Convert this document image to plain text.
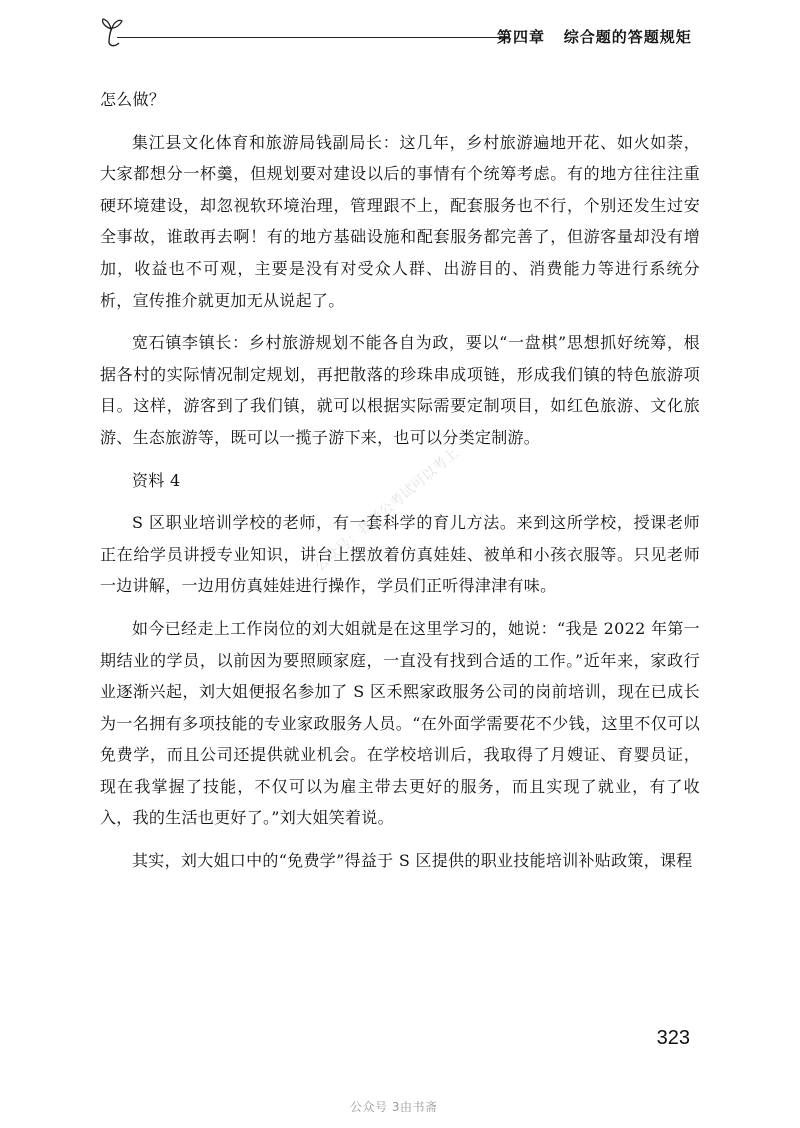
第四章 综合题的答题规矩

怎么做？

集江县文化体育和旅游局钱副局长：这几年，乡村旅游遍地开花、如火如荼，大家都想分一杯羹，但规划要对建设以后的事情有个统筹考虑。有的地方往往注重硬环境建设，却忽视软环境治理，管理跟不上，配套服务也不行，个别还发生过安全事故，谁敢再去啊！有的地方基础设施和配套服务都完善了，但游客量却没有增加，收益也不可观，主要是没有对受众人群、出游目的、消费能力等进行系统分析，宣传推介就更加无从说起了。

宽石镇李镇长：乡村旅游规划不能各自为政，要以“一盘棋”思想抓好统筹，根据各村的实际情况制定规划，再把散落的珍珠串成项链，形成我们镇的特色旅游项目。这样，游客到了我们镇，就可以根据实际需要定制项目，如红色旅游、文化旅游、生态旅游等，既可以一揽子游下来，也可以分类定制游。

资料 4

S 区职业培训学校的老师，有一套科学的育儿方法。来到这所学校，授课老师正在给学员讲授专业知识，讲台上摆放着仿真娃娃、被单和小孩衣服等。只见老师一边讲解，一边用仿真娃娃进行操作，学员们正听得津津有味。

如今已经走上工作岗位的刘大姐就是在这里学习的，她说：“我是 2022 年第一期结业的学员，以前因为要照顾家庭，一直没有找到合适的工作。”近年来，家政行业逐渐兴起，刘大姐便报名参加了 S 区禾熙家政服务公司的岗前培训，现在已成长为一名拥有多项技能的专业家政服务人员。“在外面学需要花不少钱，这里不仅可以免费学，而且公司还提供就业机会。在学校培训后，我取得了月嫂证、育婴员证，现在我掌握了技能，不仅可以为雇主带去更好的服务，而且实现了就业，有了收入，我的生活也更好了。”刘大姐笑着说。

其实，刘大姐口中的“免费学”得益于 S 区提供的职业技能培训补贴政策，课程

公众号：我考公考试可以考上
323
公众号 3由书斋
